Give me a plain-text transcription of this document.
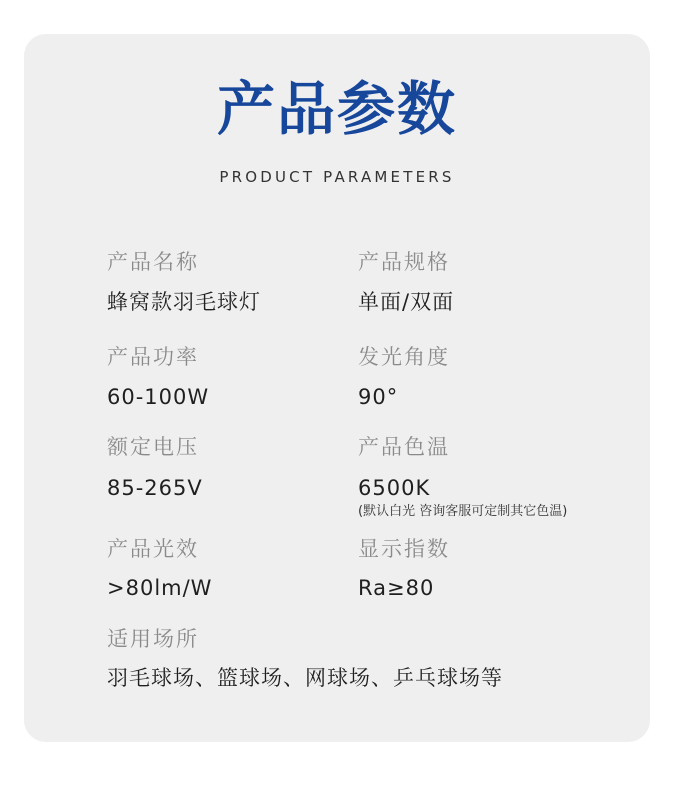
产品参数
PRODUCT PARAMETERS
产品名称
蜂窝款羽毛球灯
产品规格
单面/双面
产品功率
60-100W
发光角度
90°
额定电压
85-265V
产品色温
6500K
(默认白光 咨询客服可定制其它色温)
产品光效
>80lm/W
显示指数
Ra≥80
适用场所
羽毛球场、篮球场、网球场、乒乓球场等
